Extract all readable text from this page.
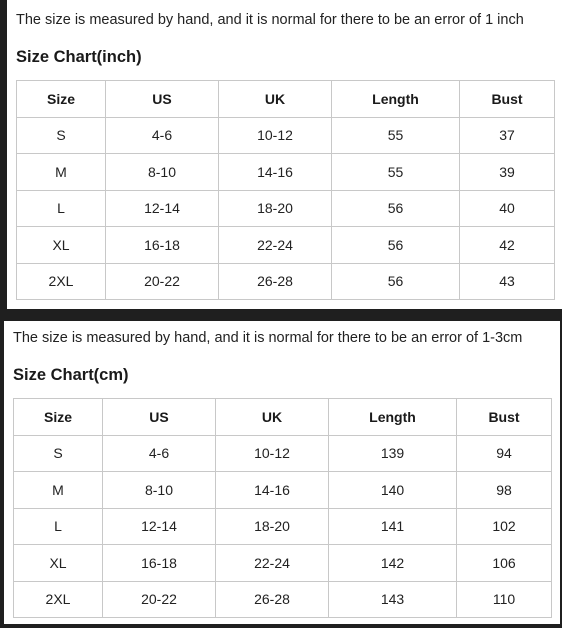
The size is measured by hand, and it is normal for there to be an error of 1 inch
Size Chart(inch)
Size	US	UK	Length	Bust
S	4-6	10-12	55	37
M	8-10	14-16	55	39
L	12-14	18-20	56	40
XL	16-18	22-24	56	42
2XL	20-22	26-28	56	43
The size is measured by hand, and it is normal for there to be an error of 1-3cm
Size Chart(cm)
Size	US	UK	Length	Bust
S	4-6	10-12	139	94
M	8-10	14-16	140	98
L	12-14	18-20	141	102
XL	16-18	22-24	142	106
2XL	20-22	26-28	143	110
